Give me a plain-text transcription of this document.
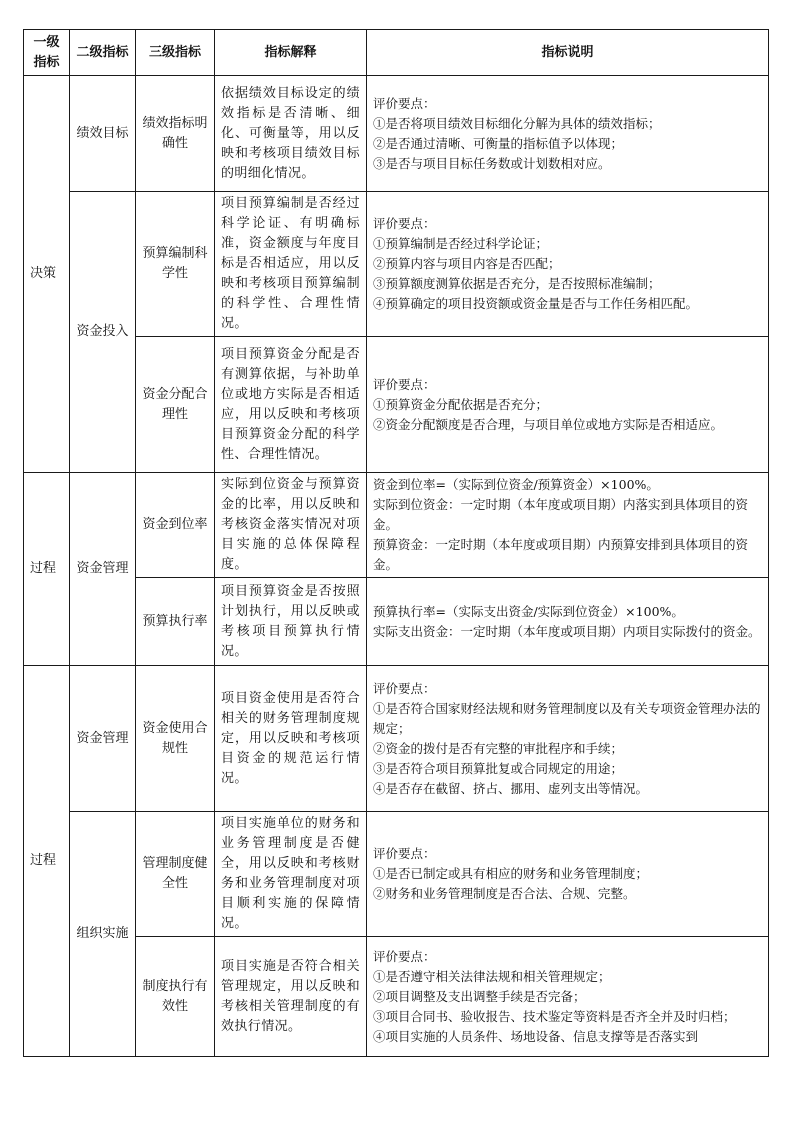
一级指标	二级指标	三级指标	指标解释	指标说明
决策	绩效目标	绩效指标明确性	依据绩效目标设定的绩效指标是否清晰、细化、可衡量等，用以反映和考核项目绩效目标的明细化情况。	评价要点：
①是否将项目绩效目标细化分解为具体的绩效指标；
②是否通过清晰、可衡量的指标值予以体现；
③是否与项目目标任务数或计划数相对应。

	资金投入	预算编制科学性	项目预算编制是否经过科学论证、有明确标准，资金额度与年度目标是否相适应，用以反映和考核项目预算编制的科学性、合理性情况。	评价要点：
①预算编制是否经过科学论证；
②预算内容与项目内容是否匹配；
③预算额度测算依据是否充分，是否按照标准编制；
④预算确定的项目投资额或资金量是否与工作任务相匹配。

		资金分配合理性	项目预算资金分配是否有测算依据，与补助单位或地方实际是否相适应，用以反映和考核项目预算资金分配的科学性、合理性情况。	评价要点：
①预算资金分配依据是否充分；
②资金分配额度是否合理，与项目单位或地方实际是否相适应。

过程	资金管理	资金到位率	实际到位资金与预算资金的比率，用以反映和考核资金落实情况对项目实施的总体保障程度。	资金到位率=（实际到位资金/预算资金）×100%。
实际到位资金：一定时期（本年度或项目期）内落实到具体项目的资金。
预算资金：一定时期（本年度或项目期）内预算安排到具体项目的资金。

		预算执行率	项目预算资金是否按照计划执行，用以反映或考核项目预算执行情况。	预算执行率=（实际支出资金/实际到位资金）×100%。
实际支出资金：一定时期（本年度或项目期）内项目实际拨付的资金。

过程	资金管理	资金使用合规性	项目资金使用是否符合相关的财务管理制度规定，用以反映和考核项目资金的规范运行情况。	评价要点：
①是否符合国家财经法规和财务管理制度以及有关专项资金管理办法的规定；
②资金的拨付是否有完整的审批程序和手续；
③是否符合项目预算批复或合同规定的用途；
④是否存在截留、挤占、挪用、虚列支出等情况。

	组织实施	管理制度健全性	项目实施单位的财务和业务管理制度是否健全，用以反映和考核财务和业务管理制度对项目顺利实施的保障情况。	评价要点：
①是否已制定或具有相应的财务和业务管理制度；
②财务和业务管理制度是否合法、合规、完整。

		制度执行有效性	项目实施是否符合相关管理规定，用以反映和考核相关管理制度的有效执行情况。	评价要点：
①是否遵守相关法律法规和相关管理规定；
②项目调整及支出调整手续是否完备；
③项目合同书、验收报告、技术鉴定等资料是否齐全并及时归档；
④项目实施的人员条件、场地设备、信息支撑等是否落实到
